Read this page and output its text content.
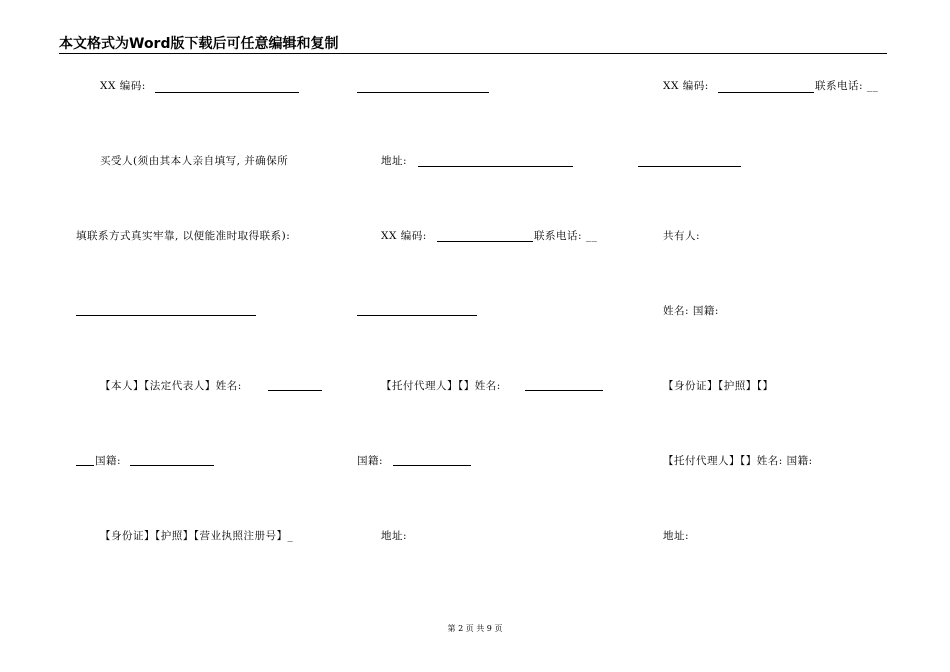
本文格式为Word版下载后可任意编辑和复制
XX 编码:	XX 编码:	联系电话: __
买受人(须由其本人亲自填写, 并确保所	地址:
填联系方式真实牢靠, 以便能准时取得联系):	XX 编码:	联系电话: __	共有人:
姓名: 国籍:
【本人】【法定代表人】姓名:	【托付代理人】【】姓名:	【身份证】【护照】【】
国籍:	国籍:	【托付代理人】【】姓名: 国籍:
【身份证】【护照】【营业执照注册号】_	地址:	地址:
第 2 页 共 9 页
